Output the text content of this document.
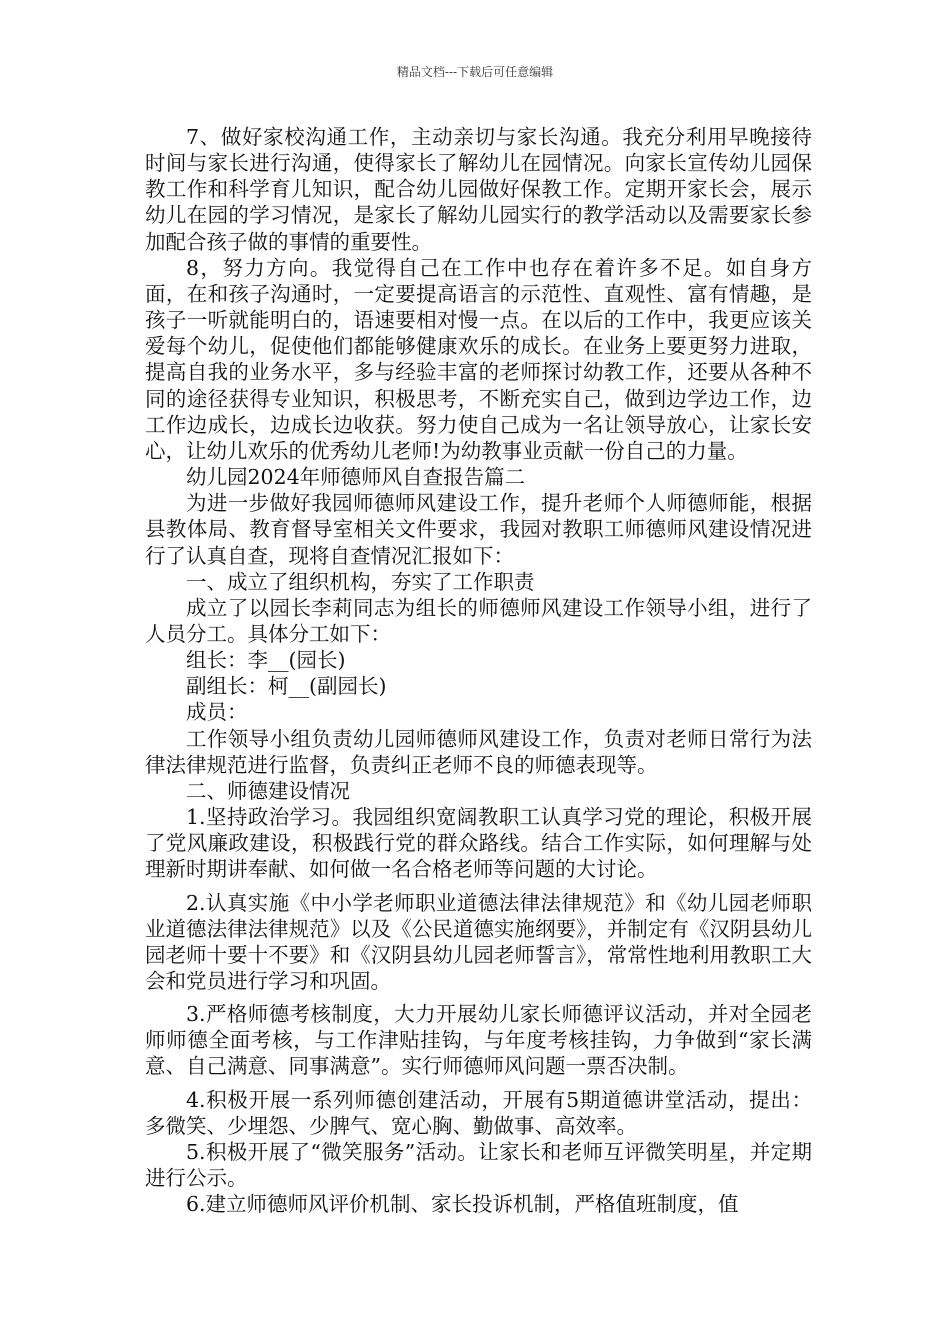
精品文档---下载后可任意编辑

7、做好家校沟通工作，主动亲切与家长沟通。我充分利用早晚接待时间与家长进行沟通，使得家长了解幼儿在园情况。向家长宣传幼儿园保教工作和科学育儿知识，配合幼儿园做好保教工作。定期开家长会，展示幼儿在园的学习情况，是家长了解幼儿园实行的教学活动以及需要家长参加配合孩子做的事情的重要性。

8，努力方向。我觉得自己在工作中也存在着许多不足。如自身方面，在和孩子沟通时，一定要提高语言的示范性、直观性、富有情趣，是孩子一听就能明白的，语速要相对慢一点。在以后的工作中，我更应该关爱每个幼儿，促使他们都能够健康欢乐的成长。在业务上要更努力进取，提高自我的业务水平，多与经验丰富的老师探讨幼教工作，还要从各种不同的途径获得专业知识，积极思考，不断充实自己，做到边学边工作，边工作边成长，边成长边收获。努力使自己成为一名让领导放心，让家长安心，让幼儿欢乐的优秀幼儿老师!为幼教事业贡献一份自己的力量。

幼儿园2024年师德师风自查报告篇二

为进一步做好我园师德师风建设工作，提升老师个人师德师能，根据县教体局、教育督导室相关文件要求，我园对教职工师德师风建设情况进行了认真自查，现将自查情况汇报如下：

一、成立了组织机构，夯实了工作职责

成立了以园长李莉同志为组长的师德师风建设工作领导小组，进行了人员分工。具体分工如下：

组长：李__(园长)

副组长：柯__(副园长)

成员：

工作领导小组负责幼儿园师德师风建设工作，负责对老师日常行为法律法律规范进行监督，负责纠正老师不良的师德表现等。

二、师德建设情况

1.坚持政治学习。我园组织宽阔教职工认真学习党的理论，积极开展了党风廉政建设，积极践行党的群众路线。结合工作实际，如何理解与处理新时期讲奉献、如何做一名合格老师等问题的大讨论。

2.认真实施《中小学老师职业道德法律法律规范》和《幼儿园老师职业道德法律法律规范》以及《公民道德实施纲要》，并制定有《汉阴县幼儿园老师十要十不要》和《汉阴县幼儿园老师誓言》，常常性地利用教职工大会和党员进行学习和巩固。

3.严格师德考核制度，大力开展幼儿家长师德评议活动，并对全园老师师德全面考核，与工作津贴挂钩，与年度考核挂钩，力争做到“家长满意、自己满意、同事满意”。实行师德师风问题一票否决制。

4.积极开展一系列师德创建活动，开展有5期道德讲堂活动，提出：多微笑、少埋怨、少脾气、宽心胸、勤做事、高效率。

5.积极开展了“微笑服务”活动。让家长和老师互评微笑明星，并定期进行公示。

6.建立师德师风评价机制、家长投诉机制，严格值班制度，值
